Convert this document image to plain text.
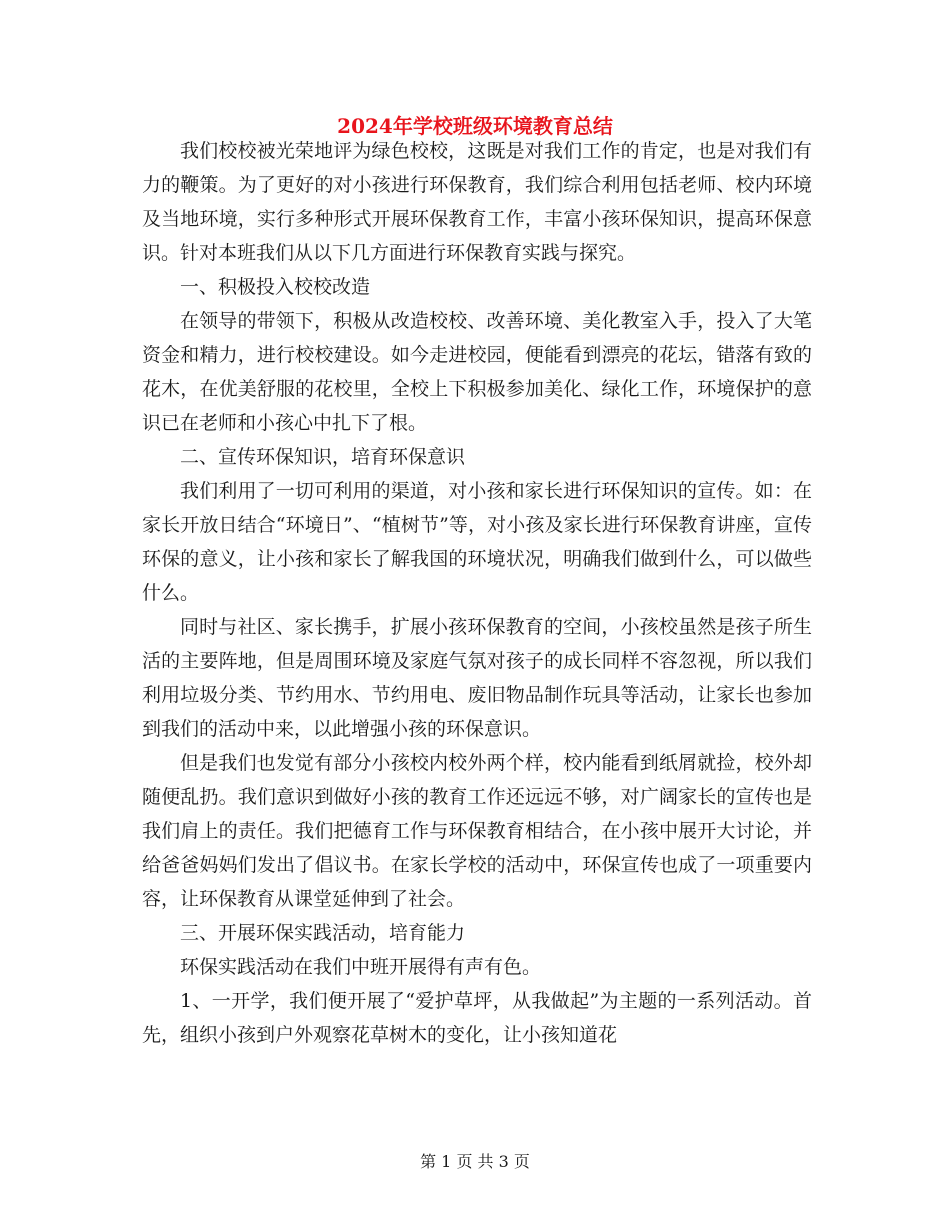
2024年学校班级环境教育总结

我们校校被光荣地评为绿色校校，这既是对我们工作的肯定，也是对我们有力的鞭策。为了更好的对小孩进行环保教育，我们综合利用包括老师、校内环境及当地环境，实行多种形式开展环保教育工作，丰富小孩环保知识，提高环保意识。针对本班我们从以下几方面进行环保教育实践与探究。

一、积极投入校校改造

在领导的带领下，积极从改造校校、改善环境、美化教室入手，投入了大笔资金和精力，进行校校建设。如今走进校园，便能看到漂亮的花坛，错落有致的花木，在优美舒服的花校里，全校上下积极参加美化、绿化工作，环境保护的意识已在老师和小孩心中扎下了根。

二、宣传环保知识，培育环保意识

我们利用了一切可利用的渠道，对小孩和家长进行环保知识的宣传。如：在家长开放日结合“环境日”、“植树节”等，对小孩及家长进行环保教育讲座，宣传环保的意义，让小孩和家长了解我国的环境状况，明确我们做到什么，可以做些什么。

同时与社区、家长携手，扩展小孩环保教育的空间，小孩校虽然是孩子所生活的主要阵地，但是周围环境及家庭气氛对孩子的成长同样不容忽视，所以我们利用垃圾分类、节约用水、节约用电、废旧物品制作玩具等活动，让家长也参加到我们的活动中来，以此增强小孩的环保意识。

但是我们也发觉有部分小孩校内校外两个样，校内能看到纸屑就捡，校外却随便乱扔。我们意识到做好小孩的教育工作还远远不够，对广阔家长的宣传也是我们肩上的责任。我们把德育工作与环保教育相结合，在小孩中展开大讨论，并给爸爸妈妈们发出了倡议书。在家长学校的活动中，环保宣传也成了一项重要内容，让环保教育从课堂延伸到了社会。

三、开展环保实践活动，培育能力

环保实践活动在我们中班开展得有声有色。

1、一开学，我们便开展了“爱护草坪，从我做起”为主题的一系列活动。首先，组织小孩到户外观察花草树木的变化，让小孩知道花

第 1 页 共 3 页
